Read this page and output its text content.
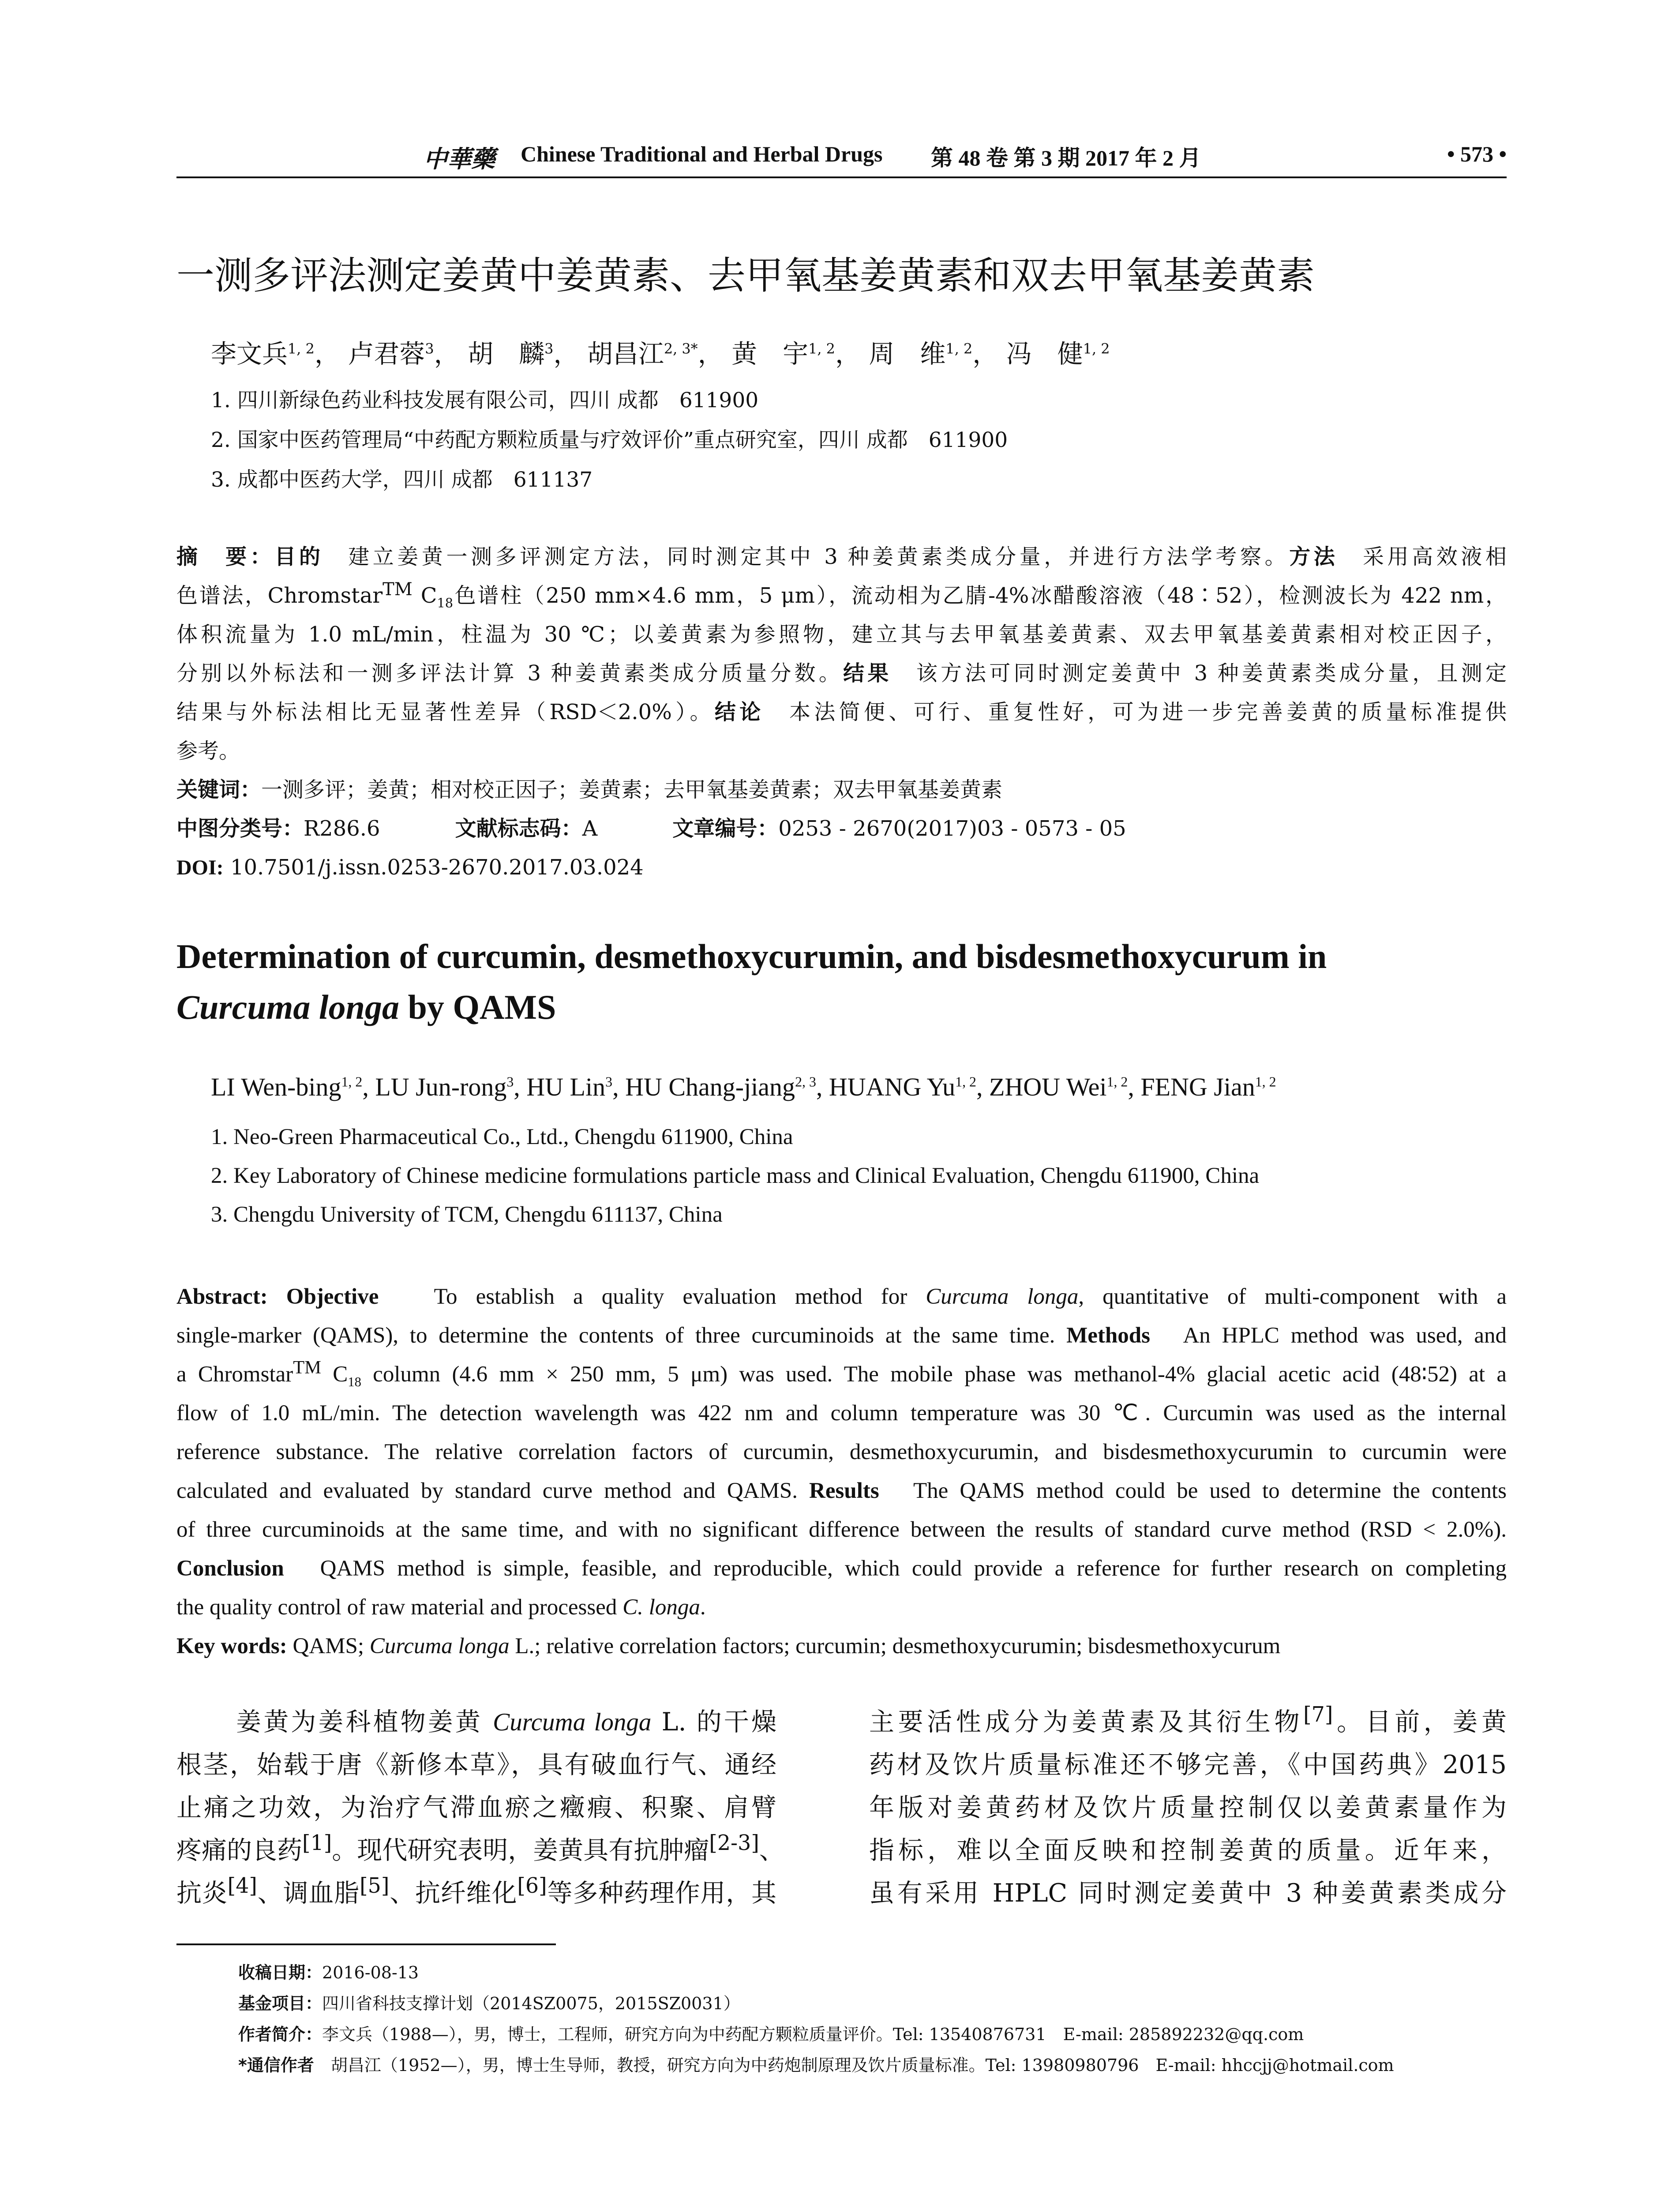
中華藥 Chinese Traditional and Herbal Drugs 第 48 卷 第 3 期 2017 年 2 月	• 573 •
一测多评法测定姜黄中姜黄素、去甲氧基姜黄素和双去甲氧基姜黄素
李文兵$^{1, 2}$， 卢君蓉$^3$， 胡　麟$^3$， 胡昌江$^{2, 3*}$， 黄　宇$^{1, 2}$， 周　维$^{1, 2}$， 冯　健$^{1, 2}$
1. 四川新绿色药业科技发展有限公司，四川 成都　611900
2. 国家中医药管理局“中药配方颗粒质量与疗效评价”重点研究室，四川 成都　611900
3. 成都中医药大学，四川 成都　611137
摘　要：目的　 建立姜黄一测多评测定方法，同时测定其中 3 种姜黄素类成分量，并进行方法学考察。方法　 采用高效液相
色谱法，Chromstar™ $C_{18}$色谱柱（250 mm×4.6 mm，5 μm），流动相为乙腈-4%冰醋酸溶液（48∶52），检测波长为 422 nm，
体积流量为 1.0 mL/min，柱温为 30 ℃；以姜黄素为参照物，建立其与去甲氧基姜黄素、双去甲氧基姜黄素相对校正因子，
分别以外标法和一测多评法计算 3 种姜黄素类成分质量分数。结果　 该方法可同时测定姜黄中 3 种姜黄素类成分量，且测定
结果与外标法相比无显著性差异（RSD＜2.0%）。结论　 本法简便、可行、重复性好，可为进一步完善姜黄的质量标准提供
参考。
关键词：一测多评；姜黄；相对校正因子；姜黄素；去甲氧基姜黄素；双去甲氧基姜黄素
中图分类号：R286.6	文献标志码：A	文章编号：0253 - 2670(2017)03 - 0573 - 05
DOI: 10.7501/j.issn.0253-2670.2017.03.024
Determination of curcumin, desmethoxycurumin, and bisdesmethoxycurum in
Curcuma longa by QAMS
LI Wen-bing$^{1, 2}$, LU Jun-rong$^3$, HU Lin$^3$, HU Chang-jiang$^{2, 3}$, HUANG Yu$^{1, 2}$, ZHOU Wei$^{1, 2}$, FENG Jian$^{1, 2}$
1. Neo-Green Pharmaceutical Co., Ltd., Chengdu 611900, China
2. Key Laboratory of Chinese medicine formulations particle mass and Clinical Evaluation, Chengdu 611900, China
3. Chengdu University of TCM, Chengdu 611137, China
Abstract: Objective To establish a quality evaluation method for Curcuma longa, quantitative of multi-component with a
single-marker (QAMS), to determine the contents of three curcuminoids at the same time. Methods An HPLC method was used, and
a Chromstar™ $C_{18}$ column (4.6 mm × 250 mm, 5 μm) was used. The mobile phase was methanol-4% glacial acetic acid (48∶52) at a
flow of 1.0 mL/min. The detection wavelength was 422 nm and column temperature was 30 ℃. Curcumin was used as the internal
reference substance. The relative correlation factors of curcumin, desmethoxycurumin, and bisdesmethoxycurumin to curcumin were
calculated and evaluated by standard curve method and QAMS. Results The QAMS method could be used to determine the contents
of three curcuminoids at the same time, and with no significant difference between the results of standard curve method (RSD < 2.0%).
Conclusion QAMS method is simple, feasible, and reproducible, which could provide a reference for further research on completing
the quality control of raw material and processed C. longa.
Key words: QAMS; Curcuma longa L.; relative correlation factors; curcumin; desmethoxycurumin; bisdesmethoxycurum
姜黄为姜科植物姜黄 Curcuma longa L. 的干燥
根茎，始载于唐《新修本草》，具有破血行气、通经
止痛之功效，为治疗气滞血瘀之癥瘕、积聚、肩臂
疼痛的良药[1]。现代研究表明，姜黄具有抗肿瘤[2-3]、
抗炎[4]、调血脂[5]、抗纤维化[6]等多种药理作用，其
主要活性成分为姜黄素及其衍生物[7]。目前，姜黄
药材及饮片质量标准还不够完善，《中国药典》2015
年版对姜黄药材及饮片质量控制仅以姜黄素量作为
指标，难以全面反映和控制姜黄的质量。近年来，
虽有采用 HPLC 同时测定姜黄中 3 种姜黄素类成分
收稿日期：2016-08-13
基金项目：四川省科技支撑计划（2014SZ0075，2015SZ0031）
作者简介：李文兵（1988—），男，博士，工程师，研究方向为中药配方颗粒质量评价。Tel: 13540876731　E-mail: 285892232@qq.com
*通信作者　 胡昌江（1952—），男，博士生导师，教授，研究方向为中药炮制原理及饮片质量标准。Tel: 13980980796　E-mail: hhccjj@hotmail.com
